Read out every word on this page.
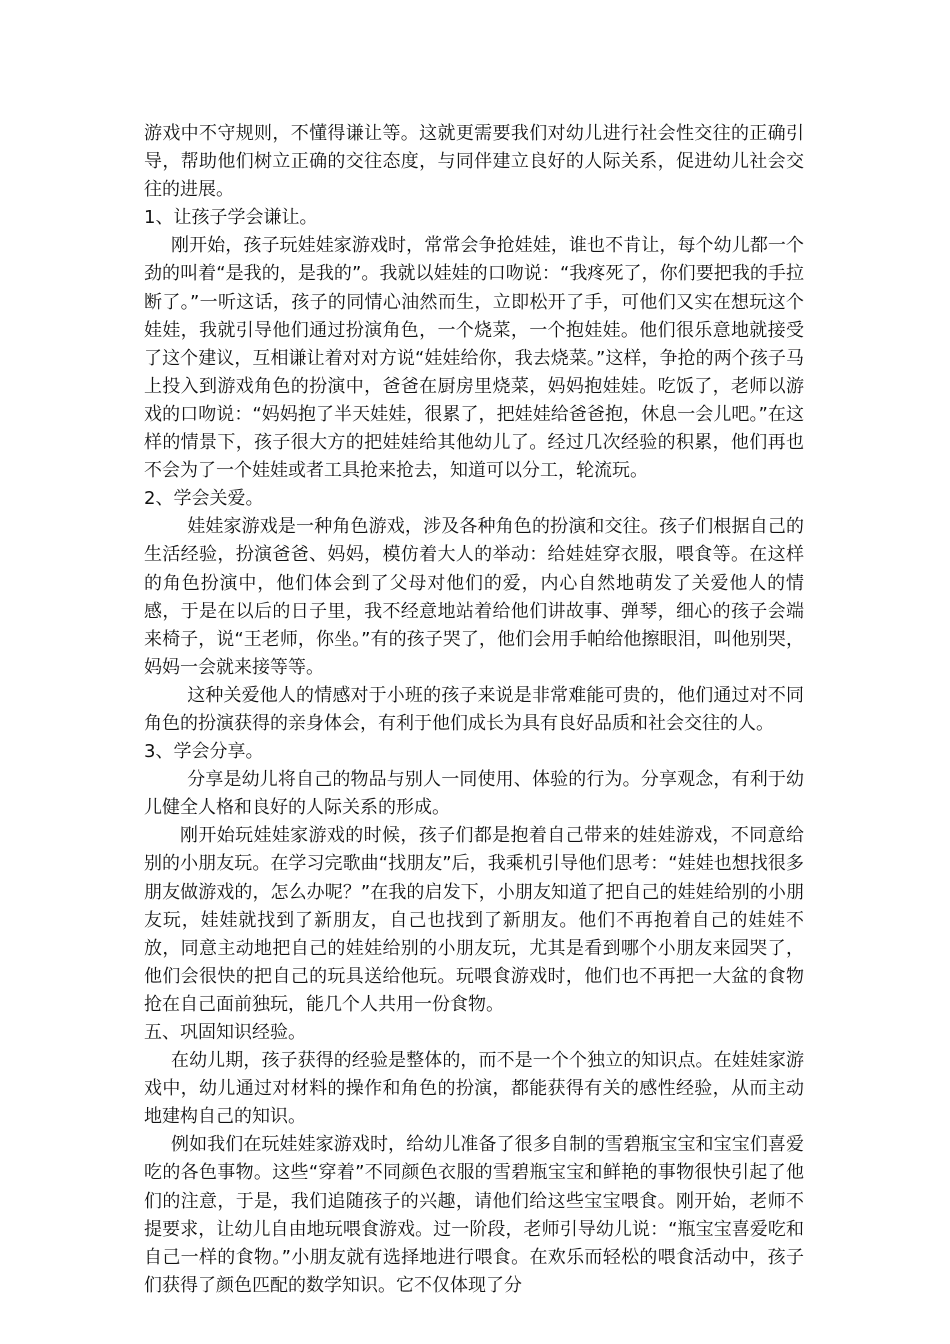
游戏中不守规则，不懂得谦让等。这就更需要我们对幼儿进行社会性交往的正确引导，帮助他们树立正确的交往态度，与同伴建立良好的人际关系，促进幼儿社会交往的进展。

1、让孩子学会谦让。

刚开始，孩子玩娃娃家游戏时，常常会争抢娃娃，谁也不肯让，每个幼儿都一个劲的叫着“是我的，是我的”。我就以娃娃的口吻说：“我疼死了，你们要把我的手拉断了。”一听这话，孩子的同情心油然而生，立即松开了手，可他们又实在想玩这个娃娃，我就引导他们通过扮演角色，一个烧菜，一个抱娃娃。他们很乐意地就接受了这个建议，互相谦让着对对方说“娃娃给你，我去烧菜。”这样，争抢的两个孩子马上投入到游戏角色的扮演中，爸爸在厨房里烧菜，妈妈抱娃娃。吃饭了，老师以游戏的口吻说：“妈妈抱了半天娃娃，很累了，把娃娃给爸爸抱，休息一会儿吧。”在这样的情景下，孩子很大方的把娃娃给其他幼儿了。经过几次经验的积累，他们再也不会为了一个娃娃或者工具抢来抢去，知道可以分工，轮流玩。

2、学会关爱。

娃娃家游戏是一种角色游戏，涉及各种角色的扮演和交往。孩子们根据自己的生活经验，扮演爸爸、妈妈，模仿着大人的举动：给娃娃穿衣服，喂食等。在这样的角色扮演中，他们体会到了父母对他们的爱，内心自然地萌发了关爱他人的情感，于是在以后的日子里，我不经意地站着给他们讲故事、弹琴，细心的孩子会端来椅子，说“王老师，你坐。”有的孩子哭了，他们会用手帕给他擦眼泪，叫他别哭，妈妈一会就来接等等。

这种关爱他人的情感对于小班的孩子来说是非常难能可贵的，他们通过对不同角色的扮演获得的亲身体会，有利于他们成长为具有良好品质和社会交往的人。

3、学会分享。

分享是幼儿将自己的物品与别人一同使用、体验的行为。分享观念，有利于幼儿健全人格和良好的人际关系的形成。

刚开始玩娃娃家游戏的时候，孩子们都是抱着自己带来的娃娃游戏，不同意给别的小朋友玩。在学习完歌曲“找朋友”后，我乘机引导他们思考：“娃娃也想找很多朋友做游戏的，怎么办呢？”在我的启发下，小朋友知道了把自己的娃娃给别的小朋友玩，娃娃就找到了新朋友，自己也找到了新朋友。他们不再抱着自己的娃娃不放，同意主动地把自己的娃娃给别的小朋友玩，尤其是看到哪个小朋友来园哭了，他们会很快的把自己的玩具送给他玩。玩喂食游戏时，他们也不再把一大盆的食物抢在自己面前独玩，能几个人共用一份食物。

五、巩固知识经验。

在幼儿期，孩子获得的经验是整体的，而不是一个个独立的知识点。在娃娃家游戏中，幼儿通过对材料的操作和角色的扮演，都能获得有关的感性经验，从而主动地建构自己的知识。

例如我们在玩娃娃家游戏时，给幼儿准备了很多自制的雪碧瓶宝宝和宝宝们喜爱吃的各色事物。这些“穿着”不同颜色衣服的雪碧瓶宝宝和鲜艳的事物很快引起了他们的注意，于是，我们追随孩子的兴趣，请他们给这些宝宝喂食。刚开始，老师不提要求，让幼儿自由地玩喂食游戏。过一阶段，老师引导幼儿说：“瓶宝宝喜爱吃和自己一样的食物。”小朋友就有选择地进行喂食。在欢乐而轻松的喂食活动中，孩子们获得了颜色匹配的数学知识。它不仅体现了分
